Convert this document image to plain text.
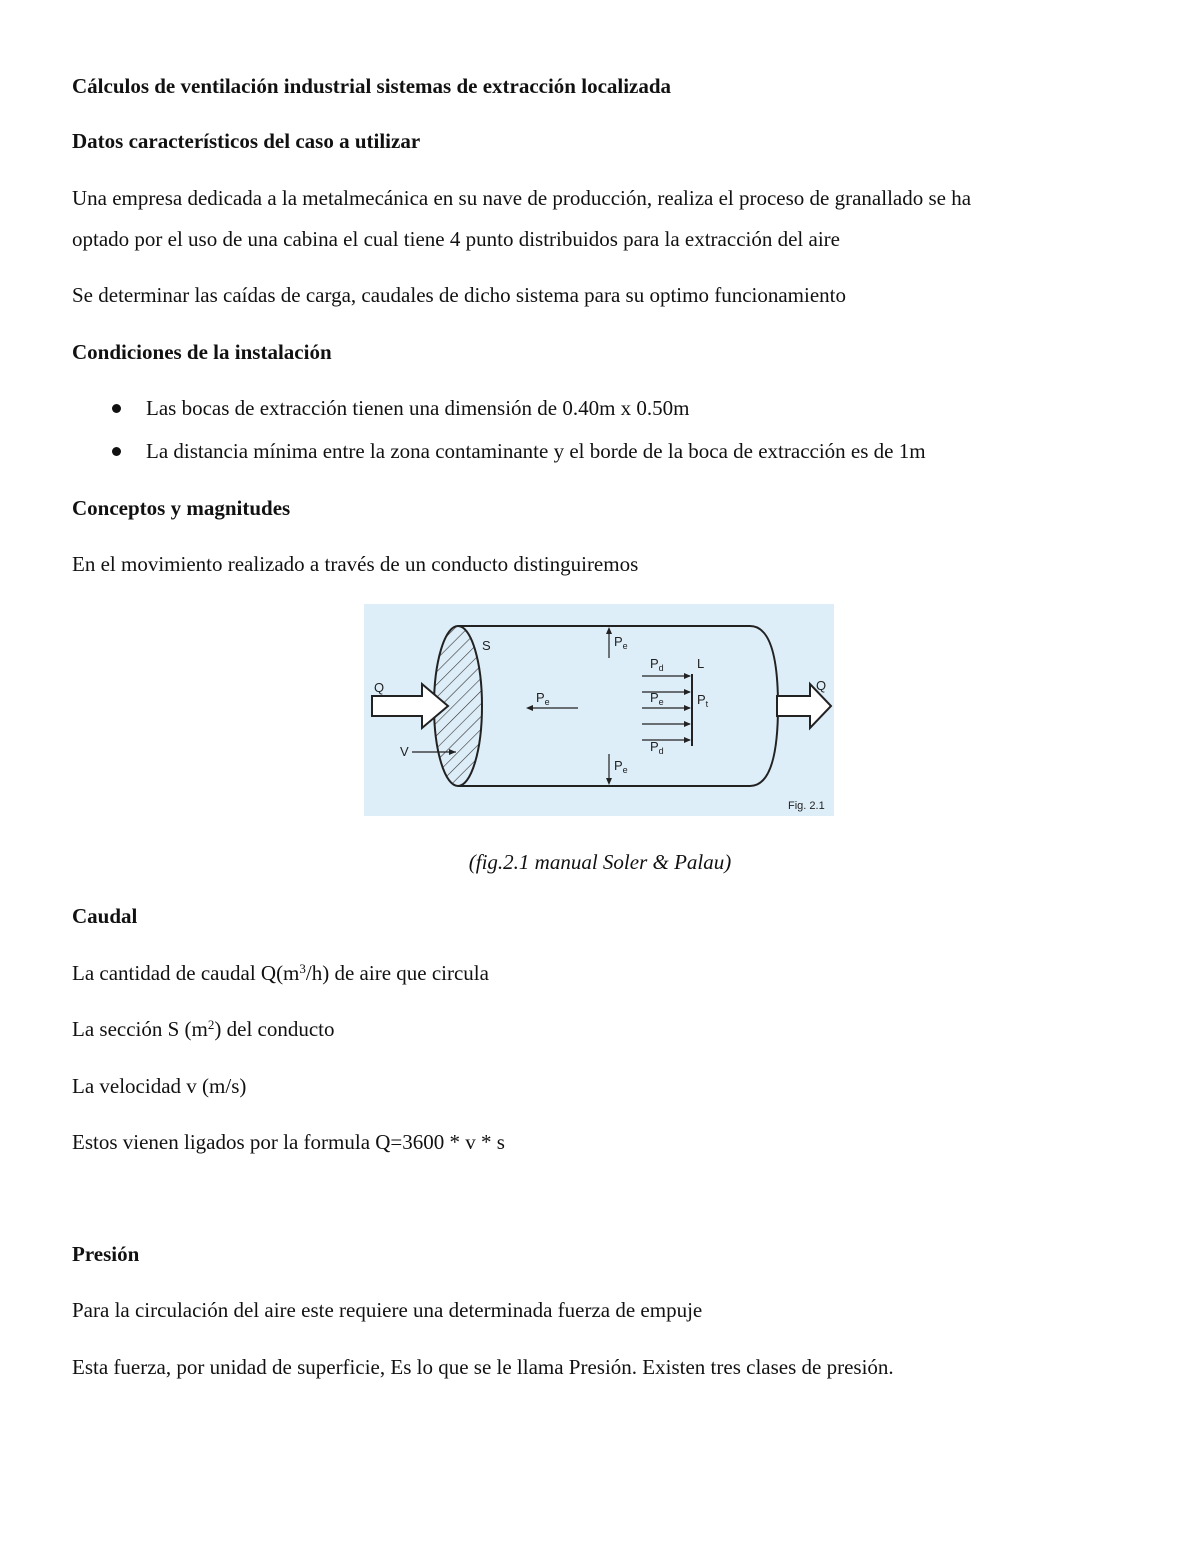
Cálculos de ventilación industrial sistemas de extracción localizada
Datos característicos del caso a utilizar
Una empresa dedicada a la metalmecánica en su nave de producción, realiza el proceso de granallado se ha
optado por el uso de una cabina el cual tiene 4 punto distribuidos para la extracción del aire
Se determinar las caídas de carga, caudales de dicho sistema para su optimo funcionamiento
Condiciones de la instalación
Las bocas de extracción tienen una dimensión de 0.40m x 0.50m
La distancia mínima entre la zona contaminante y el borde de la boca de extracción es de 1m
Conceptos y magnitudes
En el movimiento realizado a través de un conducto distinguiremos
Q	Q
S
V
$P_e$
$P_e$
$P_e$
$P_d$
$P_e$
$P_d$
L
$P_t$
Fig. 2.1
(fig.2.1 manual Soler & Palau)
Caudal
La cantidad de caudal $Q(m^3/h)$ de aire que circula
La sección S $(m^2)$ del conducto
La velocidad v (m/s)
Estos vienen ligados por la formula Q=3600 * v * s
Presión
Para la circulación del aire este requiere una determinada fuerza de empuje
Esta fuerza, por unidad de superficie, Es lo que se le llama Presión. Existen tres clases de presión.
